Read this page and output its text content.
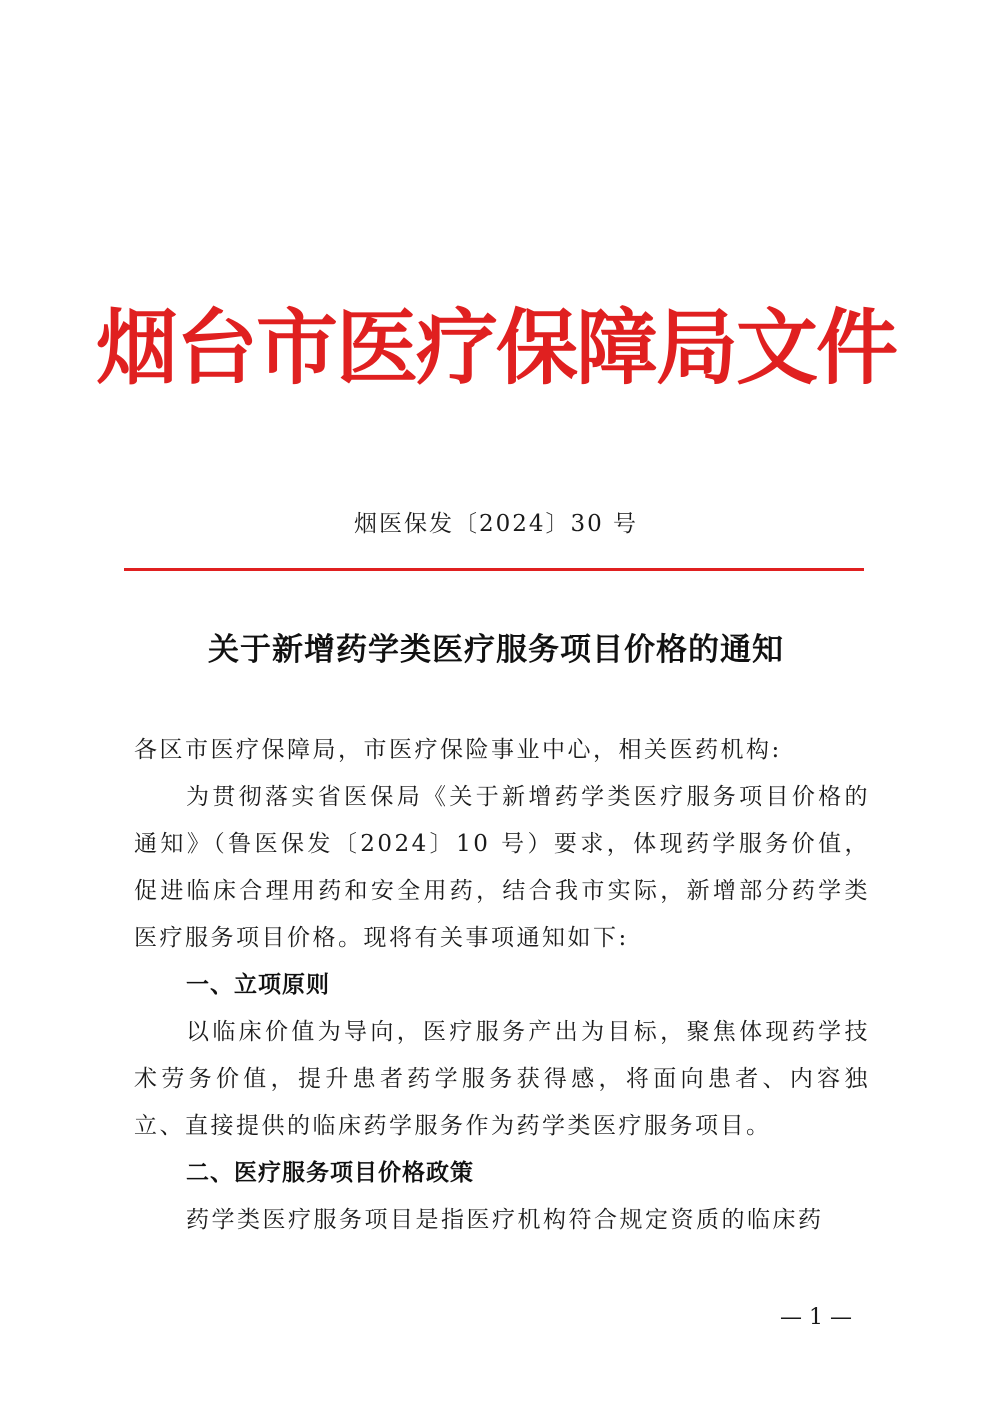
烟台市医疗保障局文件
烟医保发〔2024〕30 号
关于新增药学类医疗服务项目价格的通知

各区市医疗保障局，市医疗保险事业中心，相关医药机构:

为贯彻落实省医保局《关于新增药学类医疗服务项目价格的通知》（鲁医保发〔2024〕10 号）要求，体现药学服务价值，促进临床合理用药和安全用药，结合我市实际，新增部分药学类医疗服务项目价格。现将有关事项通知如下:

一、立项原则

以临床价值为导向，医疗服务产出为目标，聚焦体现药学技术劳务价值，提升患者药学服务获得感，将面向患者、内容独立、直接提供的临床药学服务作为药学类医疗服务项目。

二、医疗服务项目价格政策

药学类医疗服务项目是指医疗机构符合规定资质的临床药

— 1 —
